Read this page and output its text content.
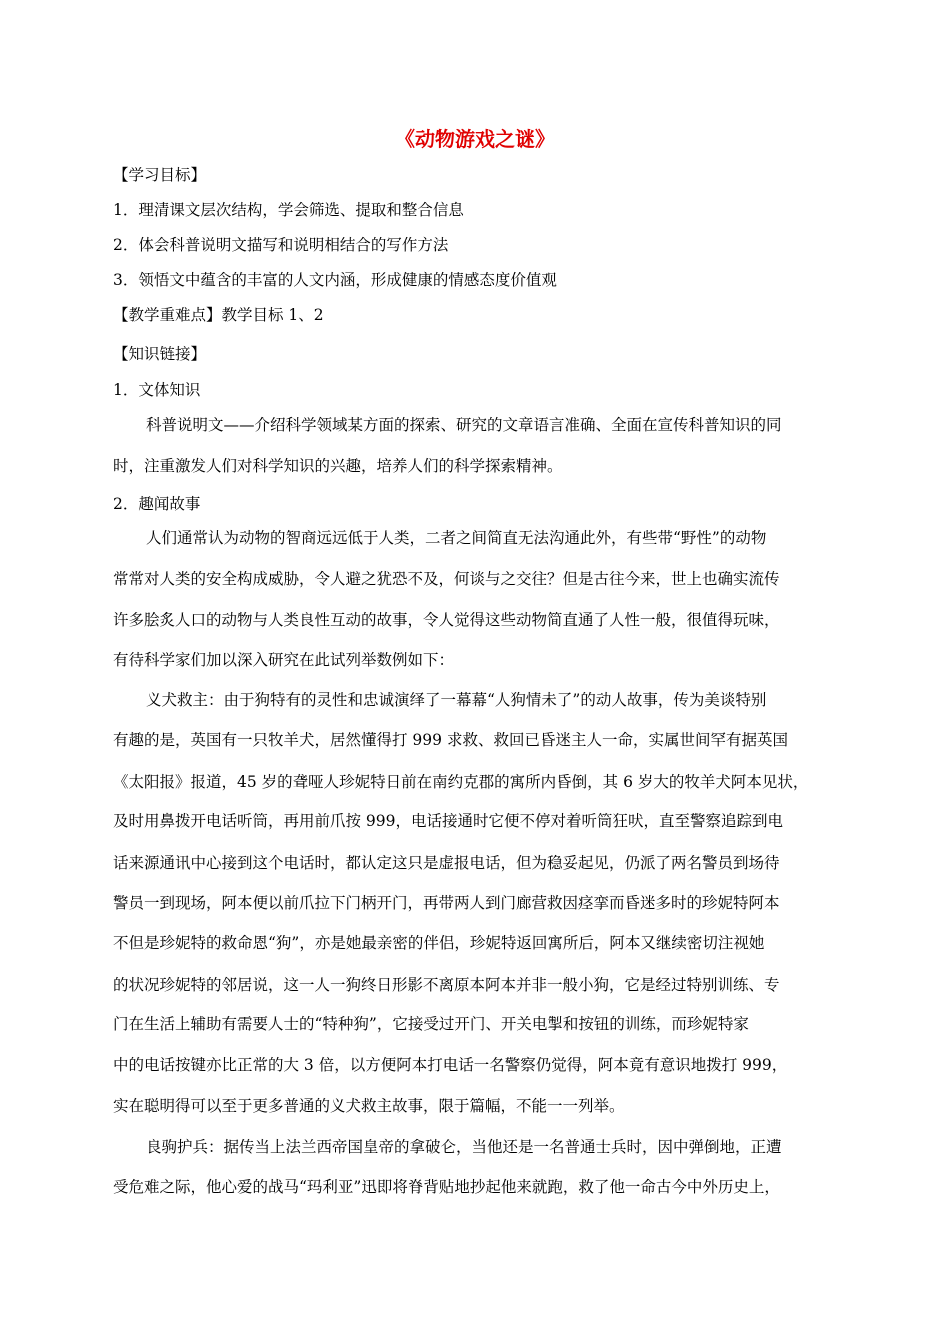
《动物游戏之谜》
【学习目标】
1．理清课文层次结构，学会筛选、提取和整合信息
2．体会科普说明文描写和说明相结合的写作方法
3．领悟文中蕴含的丰富的人文内涵，形成健康的情感态度价值观
【教学重难点】教学目标 1、2
【知识链接】
1．文体知识
科普说明文——介绍科学领域某方面的探索、研究的文章语言准确、全面在宣传科普知识的同
时，注重激发人们对科学知识的兴趣，培养人们的科学探索精神。
2．趣闻故事
人们通常认为动物的智商远远低于人类，二者之间简直无法沟通此外，有些带“野性”的动物
常常对人类的安全构成威胁，令人避之犹恐不及，何谈与之交往？但是古往今来，世上也确实流传
许多脍炙人口的动物与人类良性互动的故事，令人觉得这些动物简直通了人性一般，很值得玩味，
有待科学家们加以深入研究在此试列举数例如下：
义犬救主：由于狗特有的灵性和忠诚演绎了一幕幕“人狗情未了”的动人故事，传为美谈特别
有趣的是，英国有一只牧羊犬，居然懂得打 999 求救、救回已昏迷主人一命，实属世间罕有据英国
《太阳报》报道，45 岁的聋哑人珍妮特日前在南约克郡的寓所内昏倒，其 6 岁大的牧羊犬阿本见状，
及时用鼻拨开电话听筒，再用前爪按 999，电话接通时它便不停对着听筒狂吠，直至警察追踪到电
话来源通讯中心接到这个电话时，都认定这只是虚报电话，但为稳妥起见，仍派了两名警员到场待
警员一到现场，阿本便以前爪拉下门柄开门，再带两人到门廊营救因痉挛而昏迷多时的珍妮特阿本
不但是珍妮特的救命恩“狗”，亦是她最亲密的伴侣，珍妮特返回寓所后，阿本又继续密切注视她
的状况珍妮特的邻居说，这一人一狗终日形影不离原本阿本并非一般小狗，它是经过特别训练、专
门在生活上辅助有需要人士的“特种狗”，它接受过开门、开关电掣和按钮的训练，而珍妮特家
中的电话按键亦比正常的大 3 倍，以方便阿本打电话一名警察仍觉得，阿本竟有意识地拨打 999，
实在聪明得可以至于更多普通的义犬救主故事，限于篇幅，不能一一列举。
良驹护兵：据传当上法兰西帝国皇帝的拿破仑，当他还是一名普通士兵时，因中弹倒地，正遭
受危难之际，他心爱的战马“玛利亚”迅即将脊背贴地抄起他来就跑，救了他一命古今中外历史上，
